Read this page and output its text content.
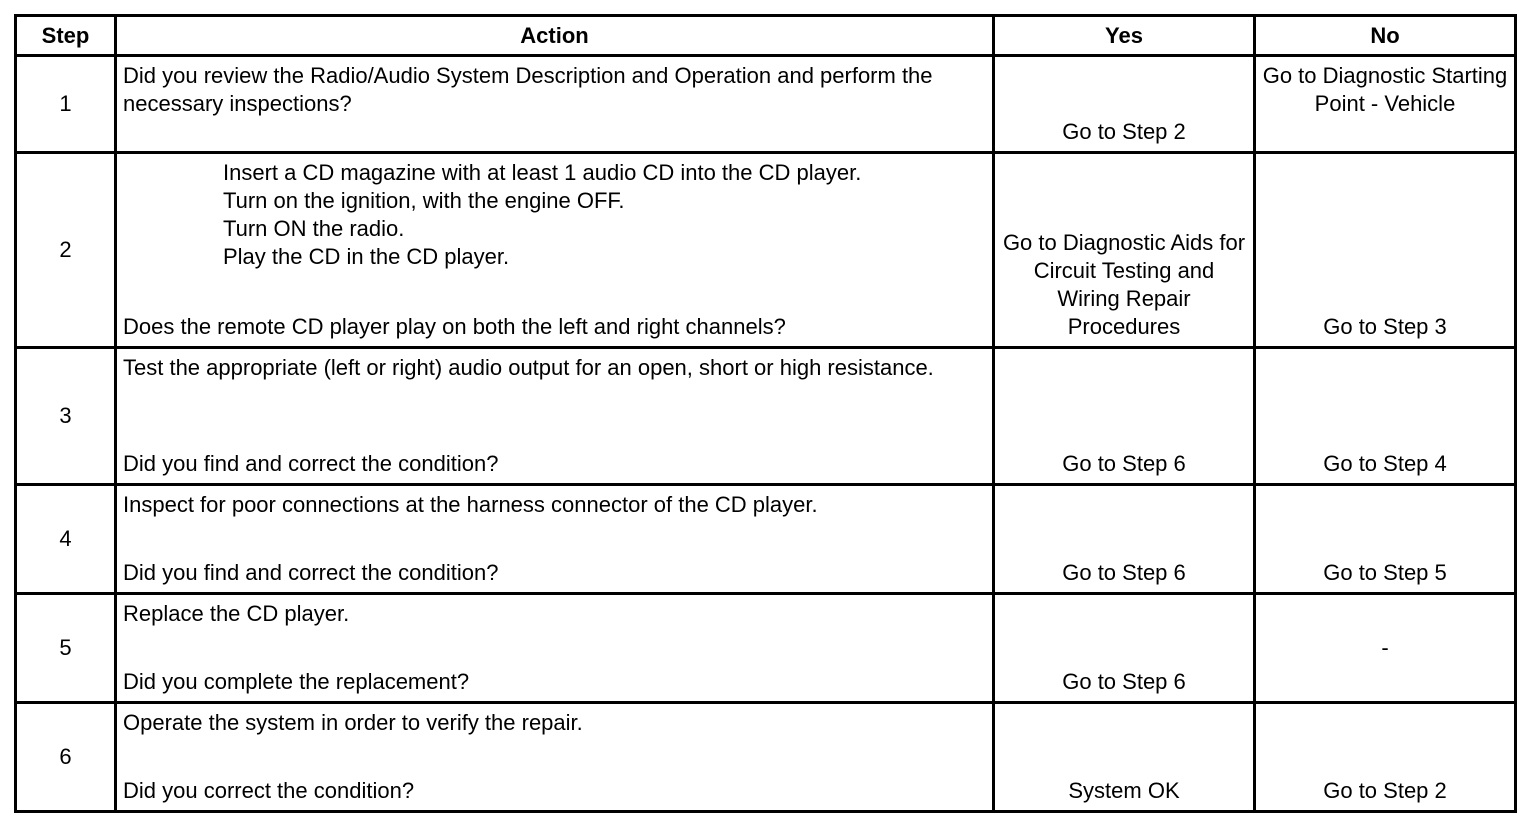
Step	Action	Yes	No
1	Did you review the Radio/Audio System Description and Operation and perform the necessary inspections?	Go to Step 2	Go to Diagnostic Starting Point - Vehicle
2	Insert a CD magazine with at least 1 audio CD into the CD player.
Turn on the ignition, with the engine OFF.
Turn ON the radio.
Play the CD in the CD player.
Does the remote CD player play on both the left and right channels?	Go to Diagnostic Aids for Circuit Testing and Wiring Repair Procedures	Go to Step 3
3	Test the appropriate (left or right) audio output for an open, short or high resistance.
Did you find and correct the condition?	Go to Step 6	Go to Step 4
4	Inspect for poor connections at the harness connector of the CD player.
Did you find and correct the condition?	Go to Step 6	Go to Step 5
5	Replace the CD player.
Did you complete the replacement?	Go to Step 6	-
6	Operate the system in order to verify the repair.
Did you correct the condition?	System OK	Go to Step 2
